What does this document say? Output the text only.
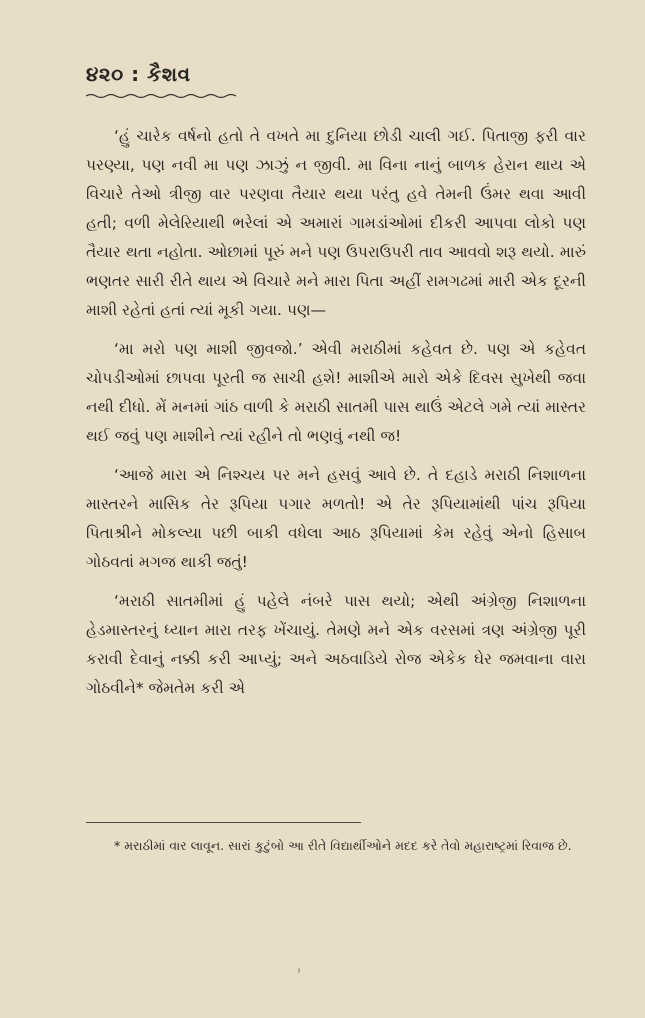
૪૨૦ : કૈશવ

‘હું ચારેક વર્ષનો હતો તે વખતે મા દુનિયા છોડી ચાલી ગઈ. પિતાજી ફરી વાર પરણ્યા, પણ નવી મા પણ ઝાઝું ન જીવી. મા વિના નાનું બાળક હેરાન થાય એ વિચારે તેઓ ત્રીજી વાર પરણવા તૈયાર થયા પરંતુ હવે તેમની ઉંમર થવા આવી હતી; વળી મેલેરિયાથી ભરેલાં એ અમારાં ગામડાંઓમાં દીકરી આપવા લોકો પણ તૈયાર થતા નહોતા. ઓછામાં પૂરું મને પણ ઉપરાઉપરી તાવ આવવો શરૂ થયો. મારું ભણતર સારી રીતે થાય એ વિચારે મને મારા પિતા અહીં રામગઢમાં મારી એક દૂરની માશી રહેતાં હતાં ત્યાં મૂકી ગયા. પણ—

‘મા મરો પણ માશી જીવજો.’ એવી મરાઠીમાં કહેવત છે. પણ એ કહેવત ચોપડીઓમાં છાપવા પૂરતી જ સાચી હશે! માશીએ મારો એકે દિવસ સુખેથી જવા નથી દીધો. મેં મનમાં ગાંઠ વાળી કે મરાઠી સાતમી પાસ થાઉં એટલે ગમે ત્યાં માસ્તર થઈ જવું પણ માશીને ત્યાં રહીને તો ભણવું નથી જ!

‘આજે મારા એ નિશ્ચય પર મને હસવું આવે છે. તે દહાડે મરાઠી નિશાળના માસ્તરને માસિક તેર રૂપિયા પગાર મળતો! એ તેર રૂપિયામાંથી પાંચ રૂપિયા પિતાશ્રીને મોકલ્યા પછી બાકી વધેલા આઠ રૂપિયામાં કેમ રહેવું એનો હિસાબ ગોઠવતાં મગજ થાકી જતું!

‘મરાઠી સાતમીમાં હું પહેલે નંબરે પાસ થયો; એથી અંગ્રેજી નિશાળના હેડમાસ્તરનું ધ્યાન મારા તરફ ખેંચાયું. તેમણે મને એક વરસમાં ત્રણ અંગ્રેજી પૂરી કરાવી દેવાનું નક્કી કરી આપ્યું; અને અઠવાડિયે રોજ એકેક ઘેર જમવાના વારા ગોઠવીને* જેમતેમ કરી એ

* મરાઠીમાં વાર લાવૂન. સારાં કુટુંબો આ રીતે વિદ્યાર્થીઓને મદદ કરે તેવો મહારાષ્ટ્રમાં રિવાજ છે.
